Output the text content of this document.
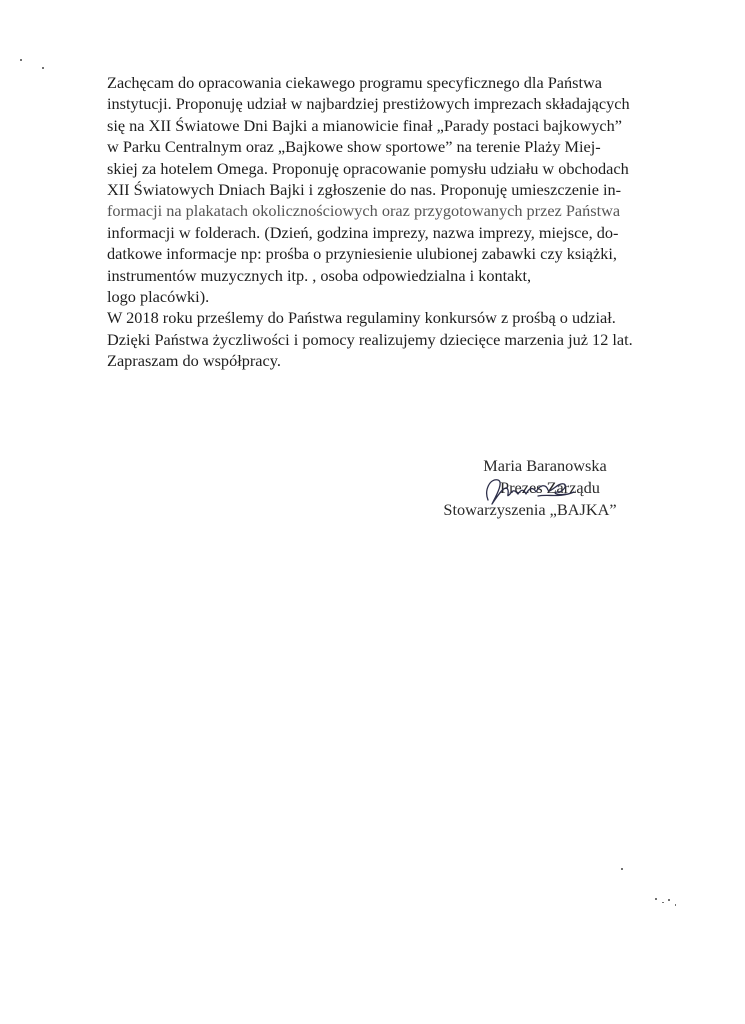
Zachęcam do opracowania ciekawego programu specyficznego dla Państwa
instytucji. Proponuję udział w najbardziej prestiżowych imprezach składających
się na XII Światowe Dni Bajki a mianowicie finał „Parady postaci bajkowych”
w Parku Centralnym oraz „Bajkowe show sportowe” na terenie Plaży Miej-
skiej za hotelem Omega. Proponuję opracowanie pomysłu udziału w obchodach
XII Światowych Dniach Bajki i zgłoszenie do nas. Proponuję umieszczenie in-
formacji na plakatach okolicznościowych oraz przygotowanych przez Państwa
informacji w folderach. (Dzień, godzina imprezy, nazwa imprezy, miejsce, do-
datkowe informacje np: prośba o przyniesienie ulubionej zabawki czy książki,
instrumentów muzycznych itp. , osoba odpowiedzialna i kontakt,
logo placówki).
W 2018 roku prześlemy do Państwa regulaminy konkursów z prośbą o udział.
Dzięki Państwa życzliwości i pomocy realizujemy dziecięce marzenia już 12 lat.
Zapraszam do współpracy.
Maria Baranowska
Prezes Zarządu
Stowarzyszenia „BAJKA”
